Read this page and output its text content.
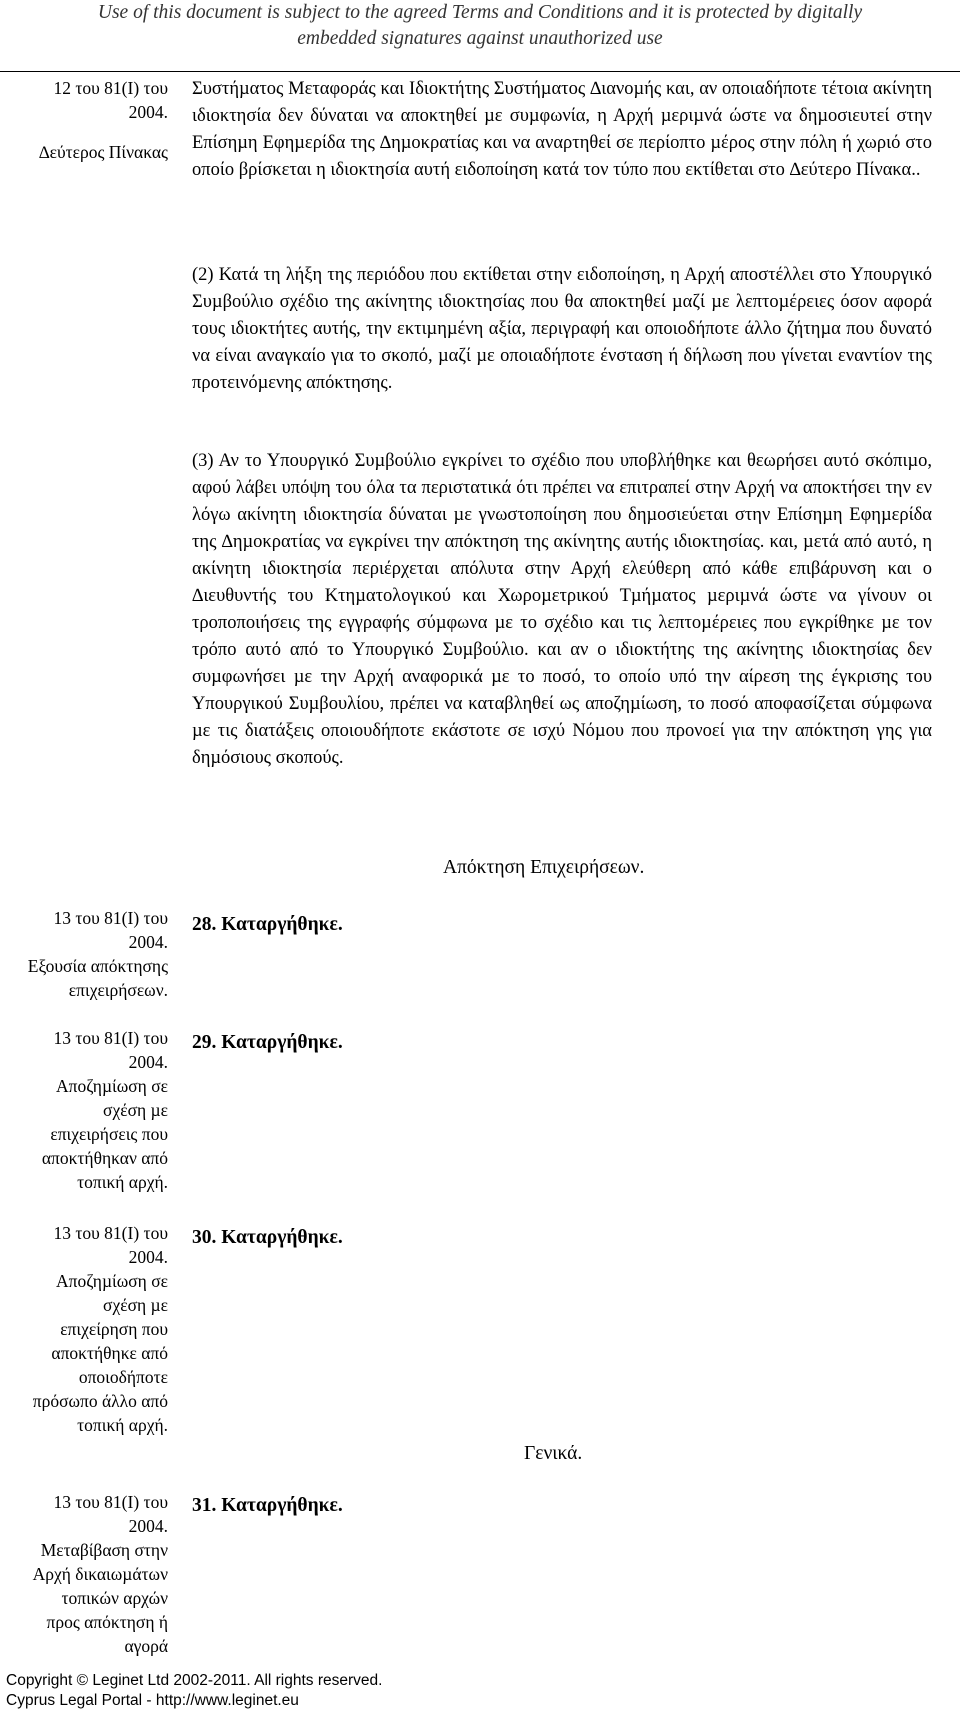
Use of this document is subject to the agreed Terms and Conditions and it is protected by digitally
embedded signatures against unauthorized use
12 του 81(Ι) του
2004.
∆εύτερος Πίνακας
Συστήµατος Μεταφοράς και Ιδιοκτήτης Συστήµατος ∆ιανοµής και, αν οποιαδήποτε τέτοια ακίνητη ιδιοκτησία δεν δύναται να αποκτηθεί µε συµφωνία, η Αρχή µεριµνά ώστε να δηµοσιευτεί στην Επίσηµη Εφηµερίδα της ∆ηµοκρατίας και να αναρτηθεί σε περίοπτο µέρος στην πόλη ή χωριό στο οποίο βρίσκεται η ιδιοκτησία αυτή ειδοποίηση κατά τον τύπο που εκτίθεται στο ∆εύτερο Πίνακα..
(2) Κατά τη λήξη της περιόδου που εκτίθεται στην ειδοποίηση, η Αρχή αποστέλλει στο Υπουργικό Συµβούλιο σχέδιο της ακίνητης ιδιοκτησίας που θα αποκτηθεί µαζί µε λεπτοµέρειες όσον αφορά τους ιδιοκτήτες αυτής, την εκτιµηµένη αξία, περιγραφή και οποιοδήποτε άλλο ζήτηµα που δυνατό να είναι αναγκαίο για το σκοπό, µαζί µε οποιαδήποτε ένσταση ή δήλωση που γίνεται εναντίον της προτεινόµενης απόκτησης.
(3) Αν το Υπουργικό Συµβούλιο εγκρίνει το σχέδιο που υποβλήθηκε και θεωρήσει αυτό σκόπιµο, αφού λάβει υπόψη του όλα τα περιστατικά ότι πρέπει να επιτραπεί στην Αρχή να αποκτήσει την εν λόγω ακίνητη ιδιοκτησία δύναται µε γνωστοποίηση που δηµοσιεύεται στην Επίσηµη Εφηµερίδα της ∆ηµοκρατίας να εγκρίνει την απόκτηση της ακίνητης αυτής ιδιοκτησίας. και, µετά από αυτό, η ακίνητη ιδιοκτησία περιέρχεται απόλυτα στην Αρχή ελεύθερη από κάθε επιβάρυνση και ο ∆ιευθυντής του Κτηµατολογικού και Χωροµετρικού Τµήµατος µεριµνά ώστε να γίνουν οι τροποποιήσεις της εγγραφής σύµφωνα µε το σχέδιο και τις λεπτοµέρειες που εγκρίθηκε µε τον τρόπο αυτό από το Υπουργικό Συµβούλιο. και αν ο ιδιοκτήτης της ακίνητης ιδιοκτησίας δεν συµφωνήσει µε την Αρχή αναφορικά µε το ποσό, το οποίο υπό την αίρεση της έγκρισης του Υπουργικού Συµβουλίου, πρέπει να καταβληθεί ως αποζηµίωση, το ποσό αποφασίζεται σύµφωνα µε τις διατάξεις οποιουδήποτε εκάστοτε σε ισχύ Νόµου που προνοεί για την απόκτηση γης για δηµόσιους σκοπούς.
Απόκτηση Επιχειρήσεων.
13 του 81(Ι) του
2004.
Εξουσία απόκτησης
επιχειρήσεων.
28. Καταργήθηκε.
13 του 81(Ι) του
2004.
Αποζηµίωση σε
σχέση µε
επιχειρήσεις που
αποκτήθηκαν από
τοπική αρχή.
29. Καταργήθηκε.
13 του 81(Ι) του
2004.
Αποζηµίωση σε
σχέση µε
επιχείρηση που
αποκτήθηκε από
οποιοδήποτε
πρόσωπο άλλο από
τοπική αρχή.
30. Καταργήθηκε.
Γενικά.
13 του 81(Ι) του
2004.
Μεταβίβαση στην
Αρχή δικαιωµάτων
τοπικών αρχών
προς απόκτηση ή
αγορά
31. Καταργήθηκε.
Copyright © Leginet Ltd 2002-2011. All rights reserved.
Cyprus Legal Portal - http://www.leginet.eu
